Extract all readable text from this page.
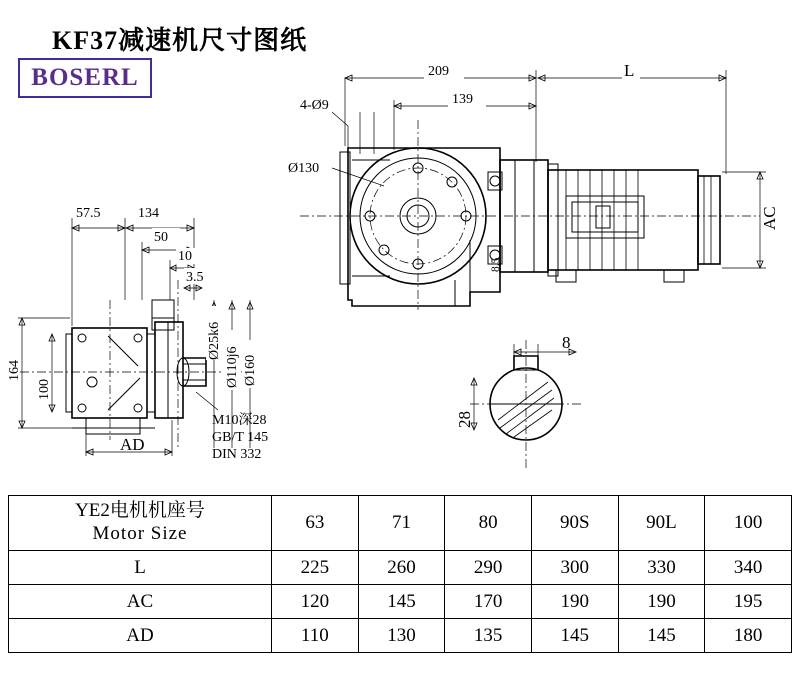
KF37减速机尺寸图纸
BOSERL	209	L
139
4-Ø9
Ø130
8.5
AC
164
100
AD
57.5	134
50
10
3.5
Ø25k6
Ø110j6 Ø160
M10深28
GB/T 145
DIN 332
8
28
YE2电机机座号
Motor Size	63	71	80	90S	90L	100
L	225	260	290	300	330	340
AC	120	145	170	190	190	195
AD	110	130	135	145	145	180
